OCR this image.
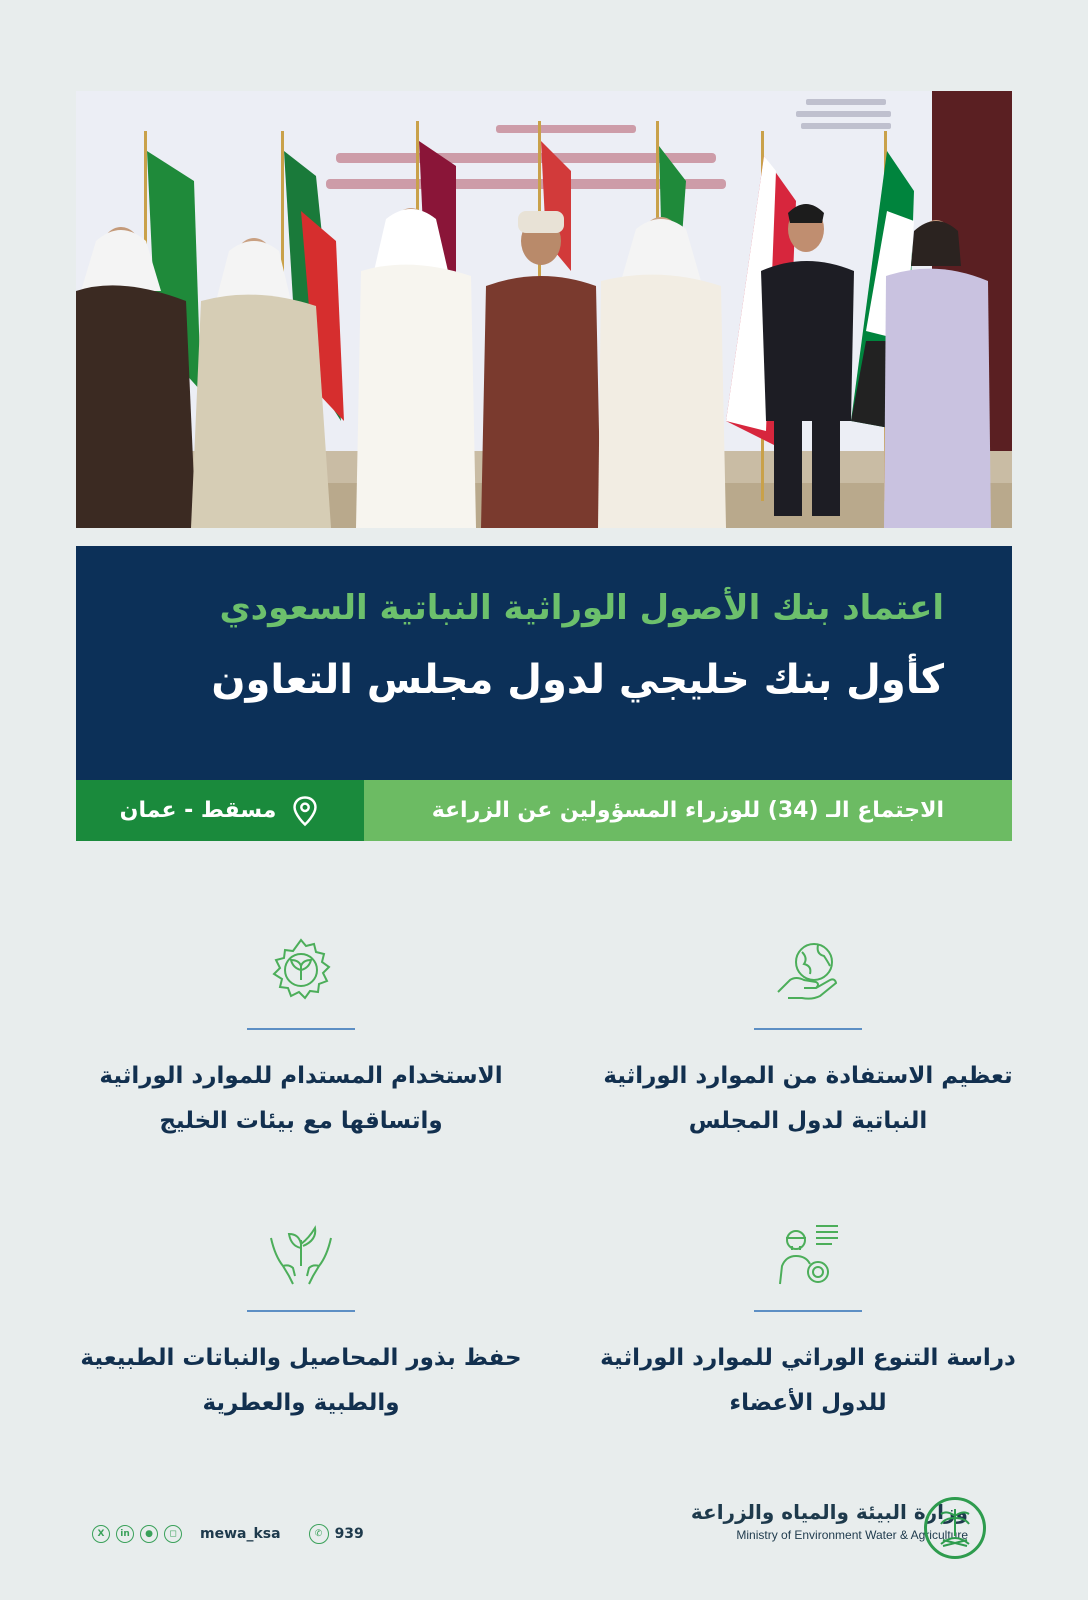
اعتماد بنك الأصول الوراثية النباتية السعودي
كأول بنك خليجي لدول مجلس التعاون
الاجتماع الـ (34) للوزراء المسؤولين عن الزراعة
مسقط - عمان
تعظيم الاستفادة من الموارد الوراثية النباتية لدول المجلس
الاستخدام المستدام للموارد الوراثية واتساقها مع بيئات الخليج
دراسة التنوع الوراثي للموارد الوراثية للدول الأعضاء
حفظ بذور المحاصيل والنباتات الطبيعية والطبية والعطرية
X	in	●	◻	mewa_ksa	✆ 939
وزارة البيئة والمياه والزراعة
Ministry of Environment Water & Agriculture
